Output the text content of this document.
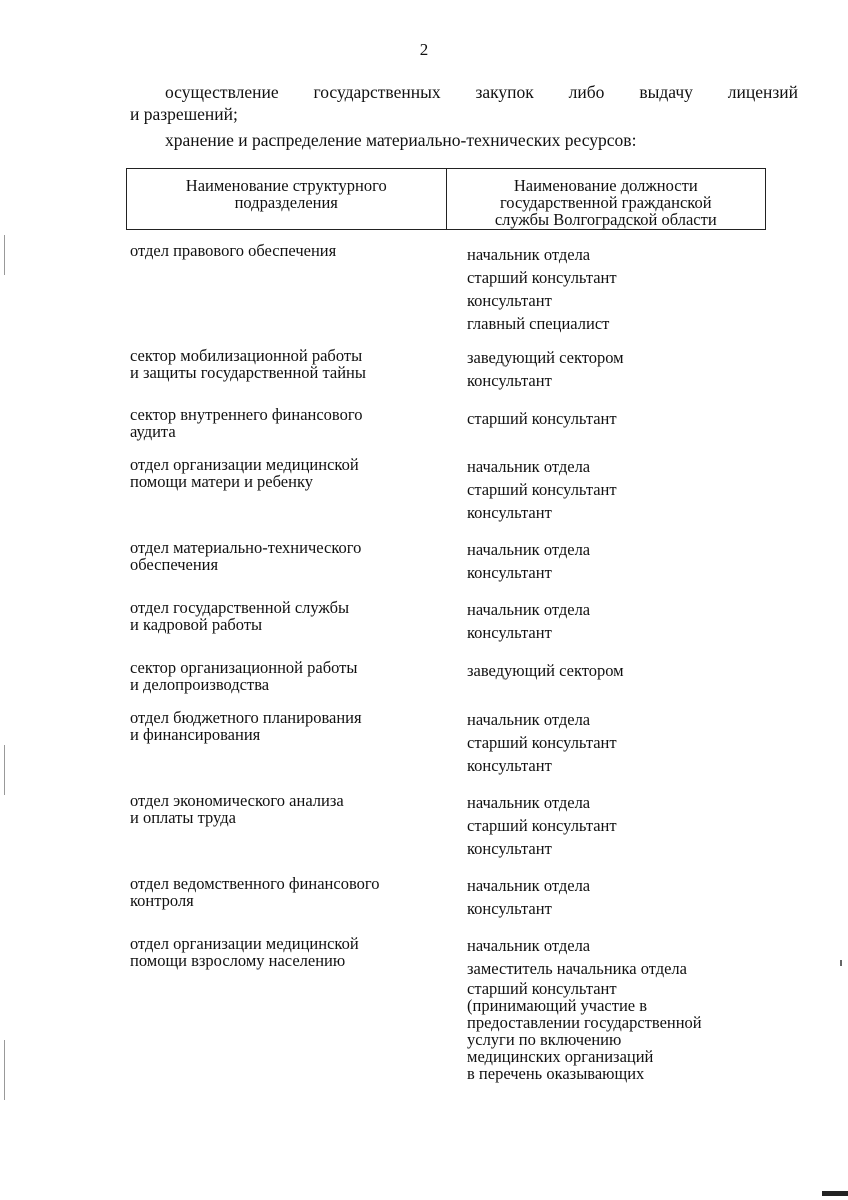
2
осуществление государственных закупок либо выдачу лицензий
и разрешений;
хранение и распределение материально-технических ресурсов:
Наименование структурного
подразделения
Наименование должности
государственной гражданской
службы Волгоградской области
отдел правового обеспечения	начальник отдела
старший консультант
консультант
главный специалист
сектор мобилизационной работы
и защиты государственной тайны
заведующий сектором
консультант
сектор внутреннего финансового
аудита
старший консультант
отдел организации медицинской
помощи матери и ребенку
начальник отдела
старший консультант
консультант
отдел материально-технического
обеспечения
начальник отдела
консультант
отдел государственной службы
и кадровой работы
начальник отдела
консультант
сектор организационной работы
и делопроизводства
заведующий сектором
отдел бюджетного планирования
и финансирования
начальник отдела
старший консультант
консультант
отдел экономического анализа
и оплаты труда
начальник отдела
старший консультант
консультант
отдел ведомственного финансового
контроля
начальник отдела
консультант
отдел организации медицинской
помощи взрослому населению
начальник отдела
заместитель начальника отдела
старший консультант
(принимающий участие в
предоставлении государственной
услуги по включению
медицинских организаций
в перечень оказывающих
